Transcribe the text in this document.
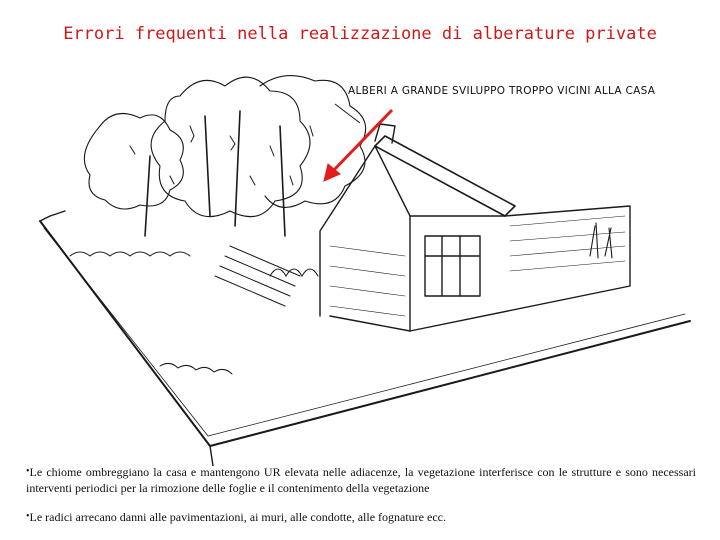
Errori frequenti nella realizzazione di alberature private
ALBERI A GRANDE SVILUPPO TROPPO VICINI ALLA CASA

•Le chiome ombreggiano la casa e mantengono UR elevata nelle adiacenze, la vegetazione interferisce con le strutture e sono necessari interventi periodici per la rimozione delle foglie e il contenimento della vegetazione

•Le radici arrecano danni alle pavimentazioni, ai muri, alle condotte, alle fognature ecc.
